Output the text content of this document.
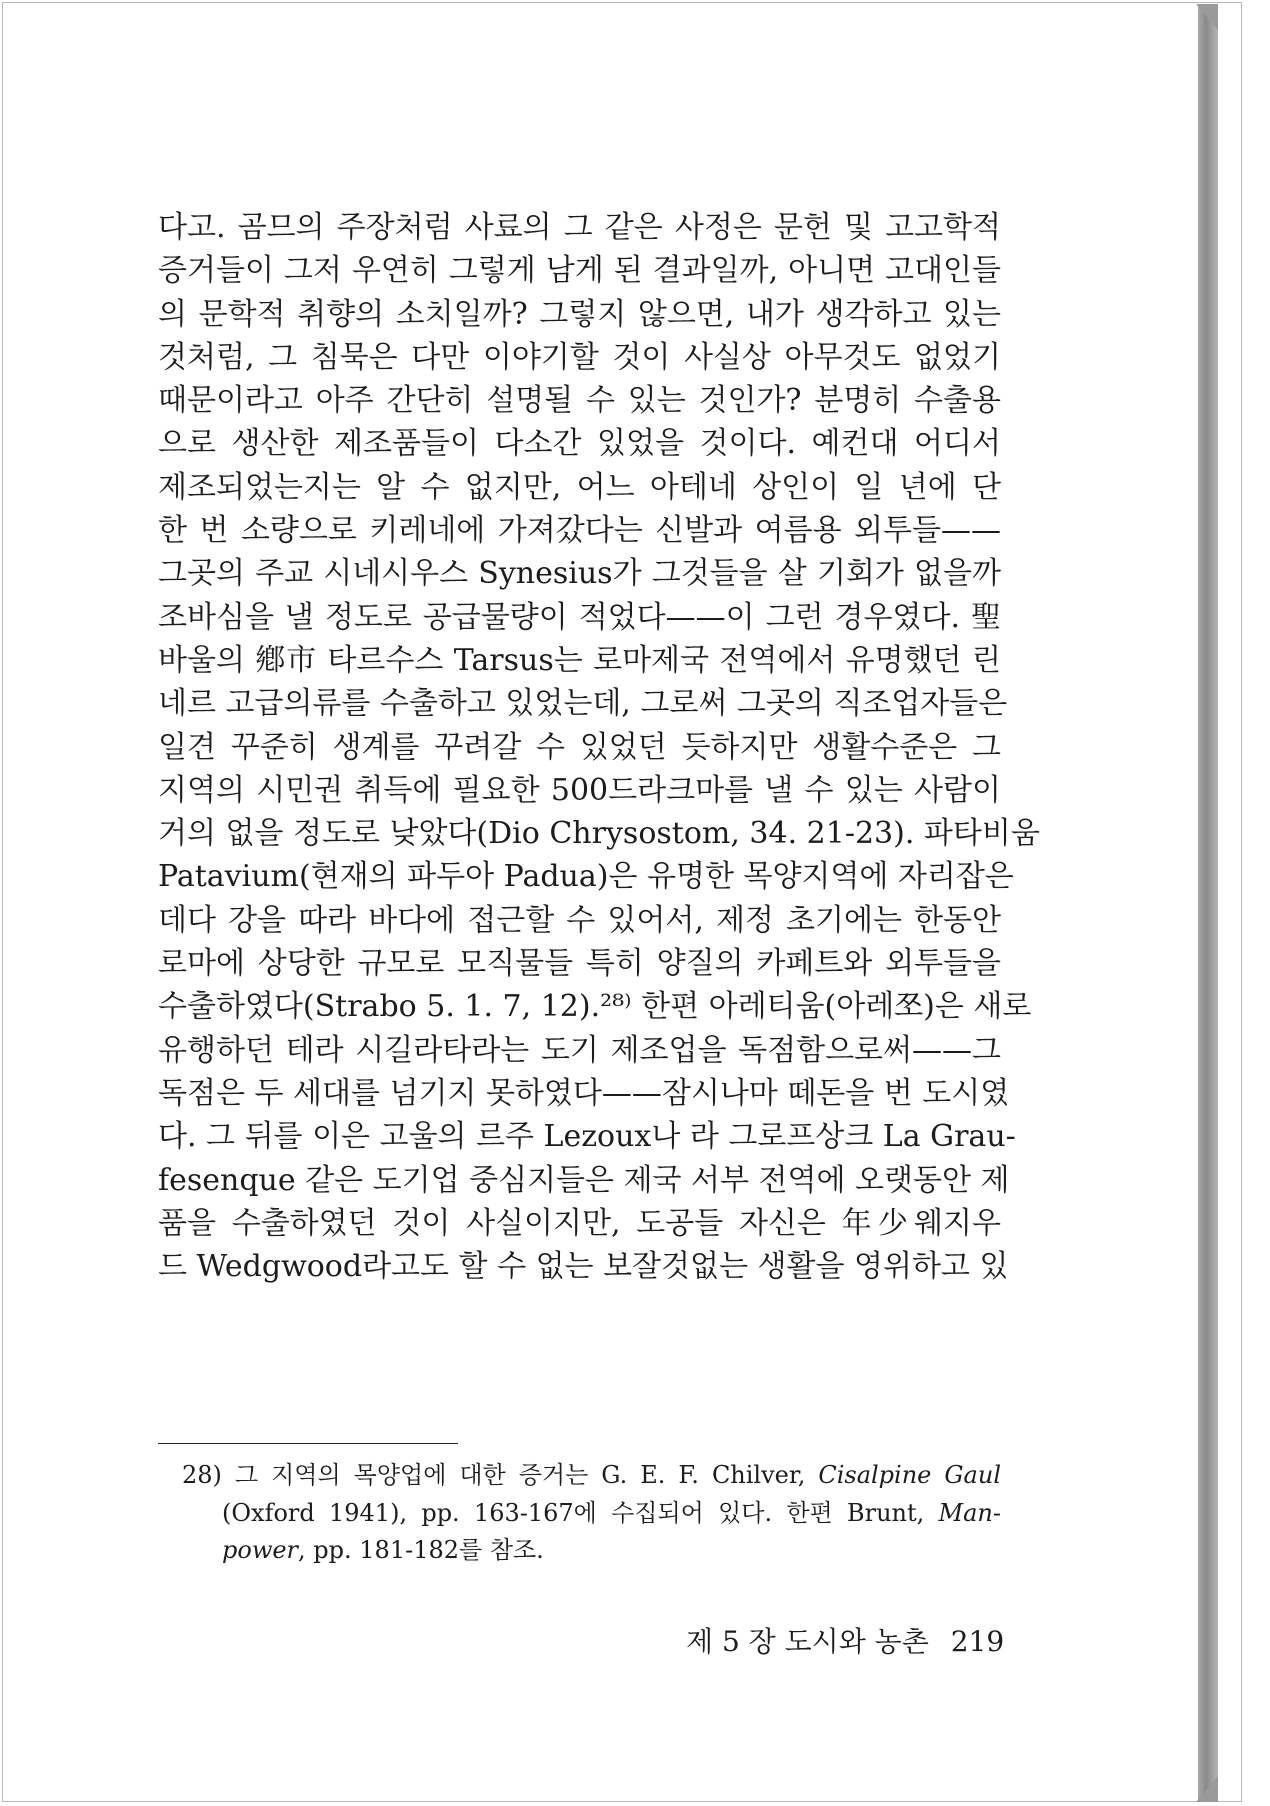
다고. 곰므의 주장처럼 사료의 그 같은 사정은 문헌 및 고고학적
증거들이 그저 우연히 그렇게 남게 된 결과일까, 아니면 고대인들
의 문학적 취향의 소치일까? 그렇지 않으면, 내가 생각하고 있는
것처럼, 그 침묵은 다만 이야기할 것이 사실상 아무것도 없었기
때문이라고 아주 간단히 설명될 수 있는 것인가? 분명히 수출용
으로 생산한 제조품들이 다소간 있었을 것이다. 예컨대 어디서
제조되었는지는 알 수 없지만, 어느 아테네 상인이 일 년에 단
한 번 소량으로 키레네에 가져갔다는 신발과 여름용 외투들——
그곳의 주교 시네시우스 Synesius가 그것들을 살 기회가 없을까
조바심을 낼 정도로 공급물량이 적었다——이 그런 경우였다. 聖
바울의 鄕市 타르수스 Tarsus는 로마제국 전역에서 유명했던 린
네르 고급의류를 수출하고 있었는데, 그로써 그곳의 직조업자들은
일견 꾸준히 생계를 꾸려갈 수 있었던 듯하지만 생활수준은 그
지역의 시민권 취득에 필요한 500드라크마를 낼 수 있는 사람이
거의 없을 정도로 낮았다(Dio Chrysostom, 34. 21-23). 파타비움
Patavium(현재의 파두아 Padua)은 유명한 목양지역에 자리잡은
데다 강을 따라 바다에 접근할 수 있어서, 제정 초기에는 한동안
로마에 상당한 규모로 모직물들 특히 양질의 카페트와 외투들을
수출하였다(Strabo 5. 1. 7, 12).²⁸⁾ 한편 아레티움(아레쪼)은 새로
유행하던 테라 시길라타라는 도기 제조업을 독점함으로써——그
독점은 두 세대를 넘기지 못하였다——잠시나마 떼돈을 번 도시였
다. 그 뒤를 이은 고울의 르주 Lezoux나 라 그로프상크 La Grau-
fesenque 같은 도기업 중심지들은 제국 서부 전역에 오랫동안 제
품을 수출하였던 것이 사실이지만, 도공들 자신은 年少웨지우
드 Wedgwood라고도 할 수 없는 보잘것없는 생활을 영위하고 있
28) 그 지역의 목양업에 대한 증거는 G. E. F. Chilver, Cisalpine Gaul
(Oxford 1941), pp. 163-167에 수집되어 있다. 한편 Brunt, Man-
power, pp. 181-182를 참조.
제 5 장 도시와 농촌 219
